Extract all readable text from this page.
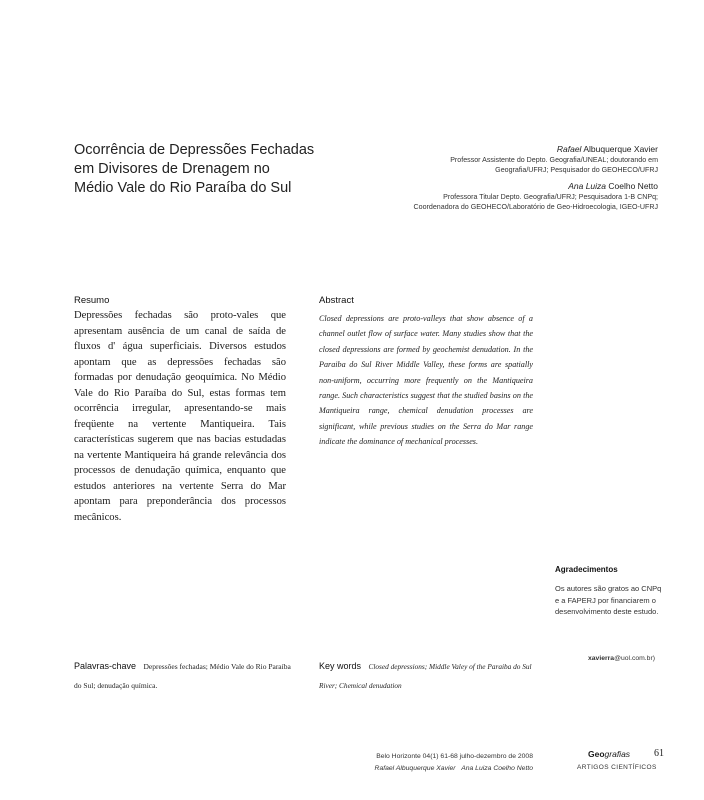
Ocorrência de Depressões Fechadas
em Divisores de Drenagem no
Médio Vale do Rio Paraíba do Sul
Rafael Albuquerque Xavier
Professor Assistente do Depto. Geografia/UNEAL; doutorando em
Geografia/UFRJ; Pesquisador do GEOHECO/UFRJ
Ana Luiza Coelho Netto
Professora Titular Depto. Geografia/UFRJ; Pesquisadora 1-B CNPq;
Coordenadora do GEOHECO/Laboratório de Geo-Hidroecologia, IGEO-UFRJ
Resumo
Depressões fechadas são proto-vales que apresentam ausência de um canal de saída de fluxos d' água superficiais. Diversos estudos apontam que as depressões fechadas são formadas por denudação geoquímica. No Médio Vale do Rio Paraíba do Sul, estas formas tem ocorrência irregular, apresentando-se mais freqüente na vertente Mantiqueira. Tais características sugerem que nas bacias estudadas na vertente Mantiqueira há grande relevância dos processos de denudação química, enquanto que estudos anteriores na vertente Serra do Mar apontam para preponderância dos processos mecânicos.
Abstract
Closed depressions are proto-valleys that show absence of a channel outlet flow of surface water. Many studies show that the closed depressions are formed by geochemist denudation. In the Paraiba do Sul River Middle Valley, these forms are spatially non-uniform, occurring more frequently on the Mantiqueira range. Such characteristics suggest that the studied basins on the Mantiqueira range, chemical denudation processes are significant, while previous studies on the Serra do Mar range indicate the dominance of mechanical processes.
Agradecimentos
Os autores são gratos ao CNPq
e a FAPERJ por financiarem o
desenvolvimento deste estudo.
xavierra@uol.com.br)
Palavras-chave Depressões fechadas; Médio Vale do Rio Paraíba do Sul; denudação química.
Key words Closed depressions; Middle Valey of the Paraiba do Sul River; Chemical denudation
Belo Horizonte 04(1) 61-68 julho-dezembro de 2008
Rafael Albuquerque Xavier Ana Luiza Coelho Netto
Geografias
ARTIGOS CIENTÍFICOS
61
